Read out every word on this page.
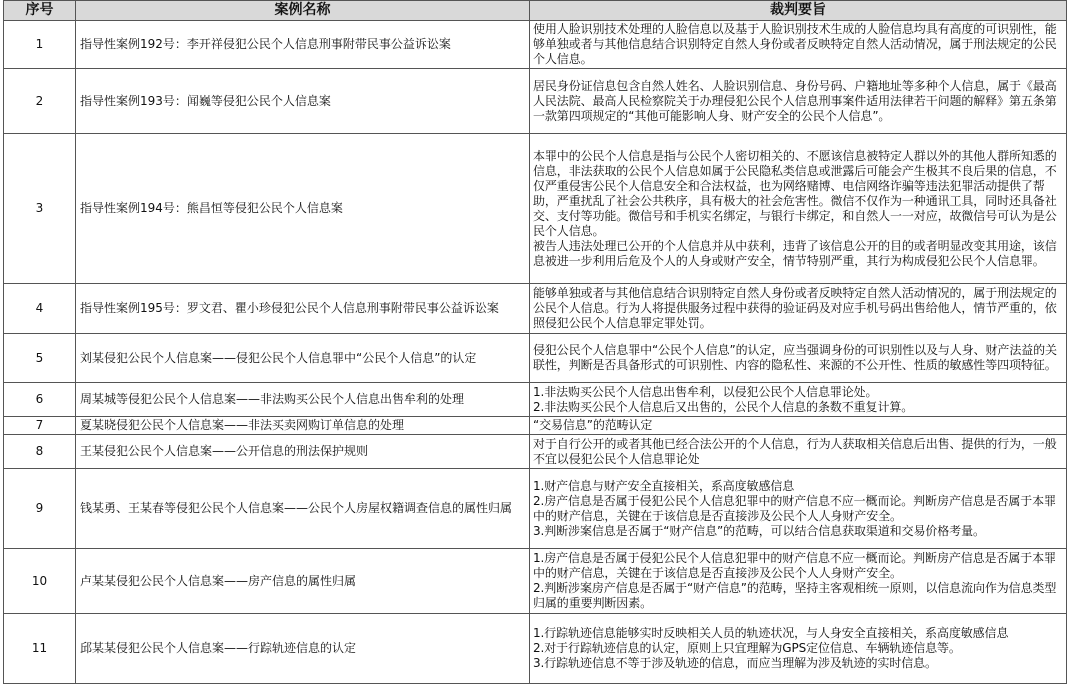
序号	案例名称	裁判要旨
1	指导性案例192号：李开祥侵犯公民个人信息刑事附带民事公益诉讼案	使用人脸识别技术处理的人脸信息以及基于人脸识别技术生成的人脸信息均具有高度的可识别性，能够单独或者与其他信息结合识别特定自然人身份或者反映特定自然人活动情况，属于刑法规定的公民个人信息。
2	指导性案例193号：闻巍等侵犯公民个人信息案	居民身份证信息包含自然人姓名、人脸识别信息、身份号码、户籍地址等多种个人信息，属于《最高人民法院、最高人民检察院关于办理侵犯公民个人信息刑事案件适用法律若干问题的解释》第五条第一款第四项规定的“其他可能影响人身、财产安全的公民个人信息”。
3	指导性案例194号：熊昌恒等侵犯公民个人信息案	本罪中的公民个人信息是指与公民个人密切相关的、不愿该信息被特定人群以外的其他人群所知悉的信息，非法获取的公民个人信息如属于公民隐私类信息或泄露后可能会产生极其不良后果的信息，不仅严重侵害公民个人信息安全和合法权益，也为网络赌博、电信网络诈骗等违法犯罪活动提供了帮助，严重扰乱了社会公共秩序，具有极大的社会危害性。微信不仅作为一种通讯工具，同时还具备社交、支付等功能。微信号和手机实名绑定，与银行卡绑定，和自然人一一对应，故微信号可认为是公民个人信息。
被告人违法处理已公开的个人信息并从中获利，违背了该信息公开的目的或者明显改变其用途，该信息被进一步利用后危及个人的人身或财产安全，情节特别严重，其行为构成侵犯公民个人信息罪。
4	指导性案例195号：罗文君、瞿小珍侵犯公民个人信息刑事附带民事公益诉讼案	能够单独或者与其他信息结合识别特定自然人身份或者反映特定自然人活动情况的，属于刑法规定的公民个人信息。行为人将提供服务过程中获得的验证码及对应手机号码出售给他人，情节严重的，依照侵犯公民个人信息罪定罪处罚。
5	刘某侵犯公民个人信息案——侵犯公民个人信息罪中“公民个人信息”的认定	侵犯公民个人信息罪中“公民个人信息”的认定，应当强调身份的可识别性以及与人身、财产法益的关联性，判断是否具备形式的可识别性、内容的隐私性、来源的不公开性、性质的敏感性等四项特征。
6	周某城等侵犯公民个人信息案——非法购买公民个人信息出售牟利的处理	1.非法购买公民个人信息出售牟利，以侵犯公民个人信息罪论处。
2.非法购买公民个人信息后又出售的，公民个人信息的条数不重复计算。
7	夏某晓侵犯公民个人信息案——非法买卖网购订单信息的处理	“交易信息”的范畴认定
8	王某侵犯公民个人信息案——公开信息的刑法保护规则	对于自行公开的或者其他已经合法公开的个人信息，行为人获取相关信息后出售、提供的行为，一般不宜以侵犯公民个人信息罪论处
9	钱某勇、王某春等侵犯公民个人信息案——公民个人房屋权籍调查信息的属性归属	1.财产信息与财产安全直接相关，系高度敏感信息
2.房产信息是否属于侵犯公民个人信息犯罪中的财产信息不应一概而论。判断房产信息是否属于本罪中的财产信息，关键在于该信息是否直接涉及公民个人人身财产安全。
3.判断涉案信息是否属于“财产信息”的范畴，可以结合信息获取渠道和交易价格考量。
10	卢某某侵犯公民个人信息案——房产信息的属性归属	1.房产信息是否属于侵犯公民个人信息犯罪中的财产信息不应一概而论。判断房产信息是否属于本罪中的财产信息，关键在于该信息是否直接涉及公民个人人身财产安全。
2.判断涉案房产信息是否属于“财产信息”的范畴，坚持主客观相统一原则，以信息流向作为信息类型归属的重要判断因素。
11	邱某某侵犯公民个人信息案——行踪轨迹信息的认定	1.行踪轨迹信息能够实时反映相关人员的轨迹状况，与人身安全直接相关，系高度敏感信息
2.对于行踪轨迹信息的认定，原则上只宜理解为GPS定位信息、车辆轨迹信息等。
3.行踪轨迹信息不等于涉及轨迹的信息，而应当理解为涉及轨迹的实时信息。
